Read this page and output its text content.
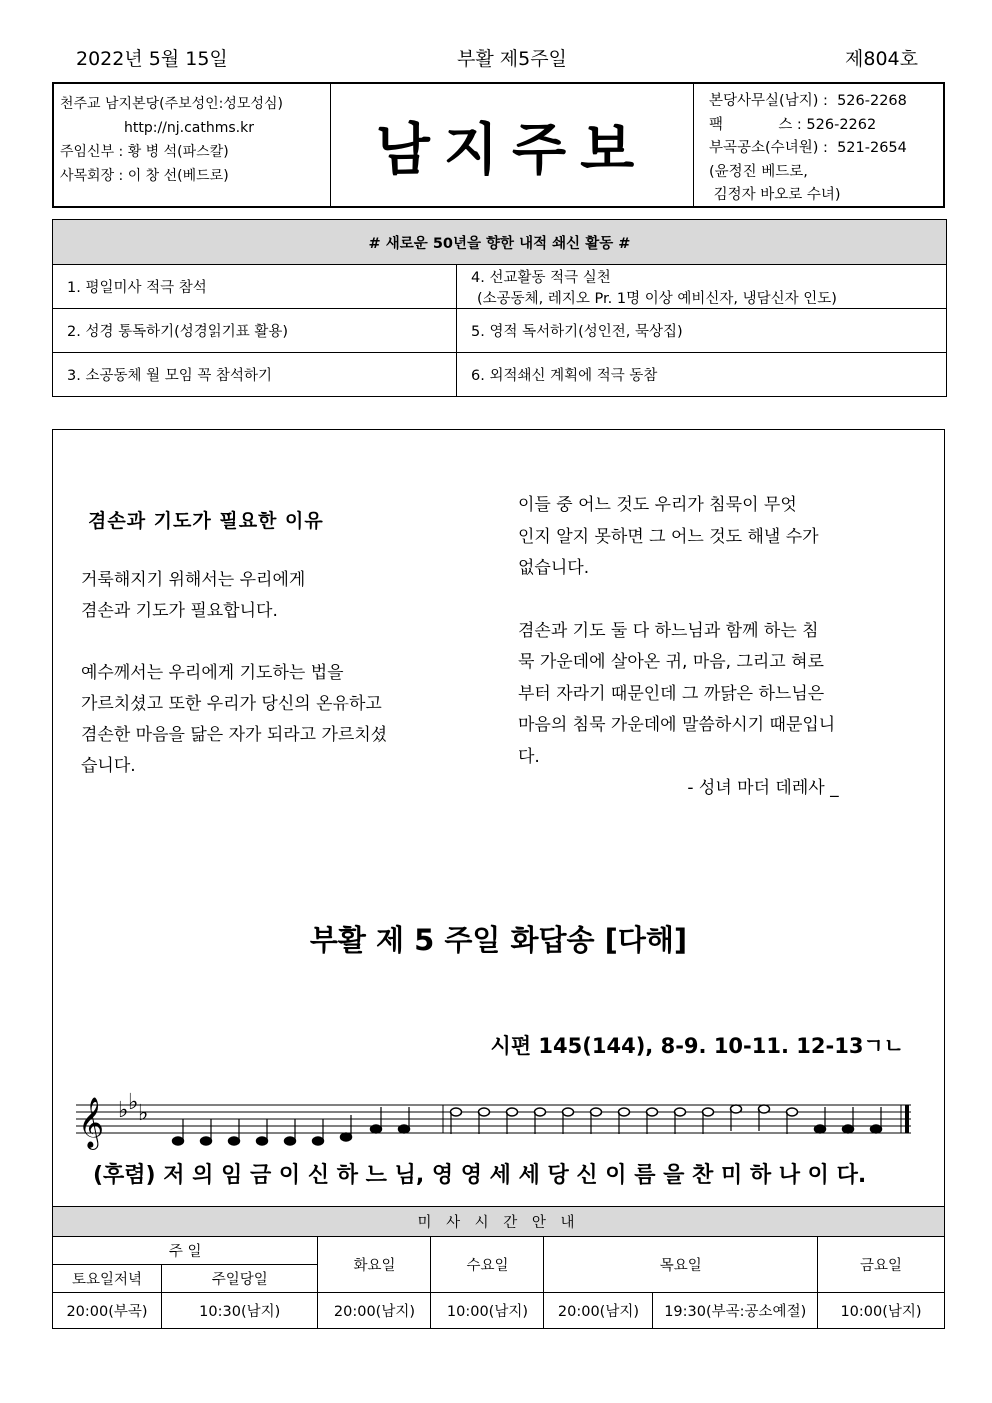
2022년 5월 15일	부활 제5주일	제804호
천주교 남지본당(주보성인:성모성심)
http://nj.cathms.kr
주임신부 : 황 병 석(파스칼)
사목회장 : 이 창 선(베드로)	남지주보
본당사무실(남지) :  526-2268
팩            스 : 526-2262
부곡공소(수녀원) :  521-2654
(윤정진 베드로,
김정자 바오로 수녀)
# 새로운 50년을 향한 내적 쇄신 활동 #	
1. 평일미사 적극 참석	4. 선교활동 적극 실천
(소공동체, 레지오 Pr. 1명 이상 예비신자, 냉담신자 인도)

2. 성경 통독하기(성경읽기표 활용)	5. 영적 독서하기(성인전, 묵상집)
3. 소공동체 월 모임 꼭 참석하기	6. 외적쇄신 계획에 적극 동참
겸손과 기도가 필요한 이유

거룩해지기 위해서는 우리에게
겸손과 기도가 필요합니다.

예수께서는 우리에게 기도하는 법을
가르치셨고 또한 우리가 당신의 온유하고
겸손한 마음을 닮은 자가 되라고 가르치셨
습니다.

이들 중 어느 것도 우리가 침묵이 무엇
인지 알지 못하면 그 어느 것도 해낼 수가
없습니다.

겸손과 기도 둘 다 하느님과 함께 하는 침
묵 가운데에 살아온 귀, 마음, 그리고 혀로
부터 자라기 때문인데 그 까닭은 하느님은
마음의 침묵 가운데에 말씀하시기 때문입니
다.

- 성녀 마더 데레사 _
부활 제 5 주일 화답송 [다해]
시편 145(144), 8-9. 10-11. 12-13ㄱㄴ
𝄞 ♭ ♭ ♭
(후렴) 저 의 임 금 이 신 하 느 님, 영 영 세 세 당 신 이 름 을 찬 미 하 나 이 다.
미 사 시 간 안 내						
주 일		화요일	수요일	목요일		금요일
토요일저녁	주일당일					
20:00(부곡)	10:30(남지)	20:00(남지)	10:00(남지)	20:00(남지)	19:30(부곡:공소예절)	10:00(남지)
